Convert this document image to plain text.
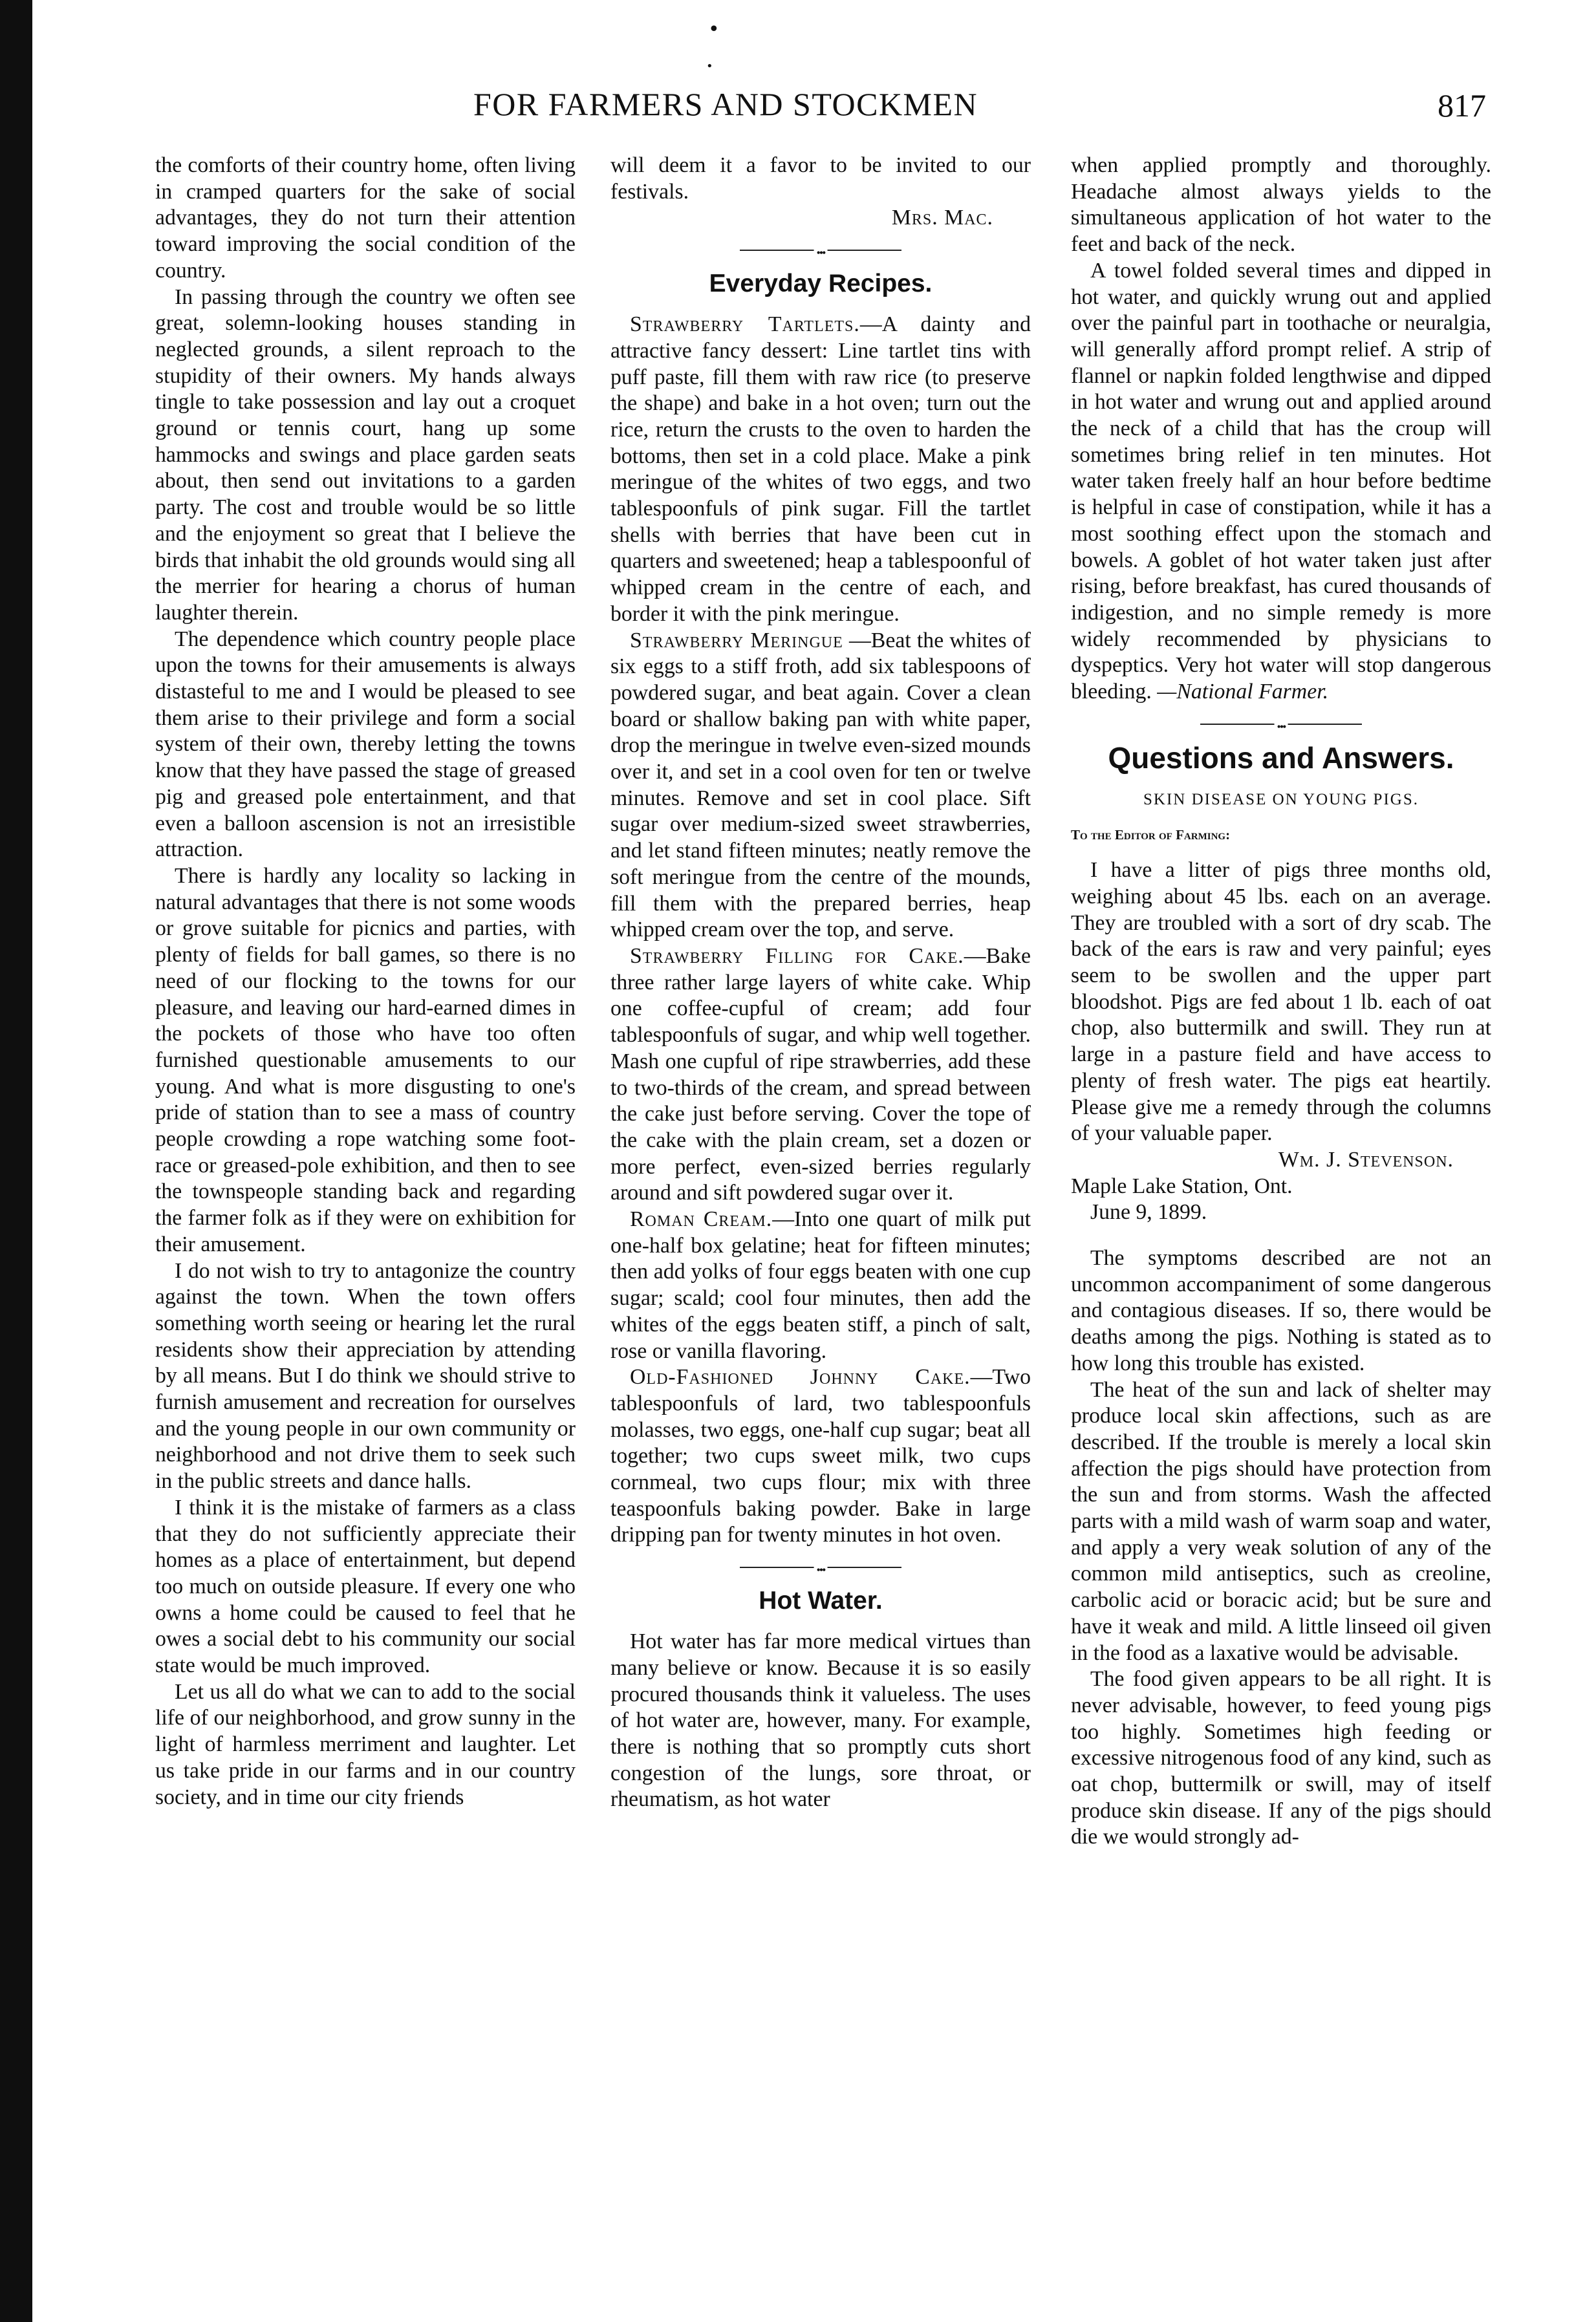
•
•
FOR FARMERS AND STOCKMEN	817

the comforts of their country home, often living in cramped quarters for the sake of social advantages, they do not turn their attention toward improving the social condition of the country.

In passing through the country we often see great, solemn-looking houses standing in neglected grounds, a silent reproach to the stupidity of their owners. My hands always tingle to take possession and lay out a croquet ground or tennis court, hang up some hammocks and swings and place garden seats about, then send out invitations to a garden party. The cost and trouble would be so little and the enjoyment so great that I believe the birds that inhabit the old grounds would sing all the merrier for hearing a chorus of human laughter therein.

The dependence which country people place upon the towns for their amusements is always distasteful to me and I would be pleased to see them arise to their privilege and form a social system of their own, thereby letting the towns know that they have passed the stage of greased pig and greased pole entertainment, and that even a balloon ascension is not an irresistible attraction.

There is hardly any locality so lacking in natural advantages that there is not some woods or grove suitable for picnics and parties, with plenty of fields for ball games, so there is no need of our flocking to the towns for our pleasure, and leaving our hard-earned dimes in the pockets of those who have too often furnished questionable amusements to our young. And what is more disgusting to one's pride of station than to see a mass of country people crowding a rope watching some foot-race or greased-pole exhibition, and then to see the townspeople standing back and regarding the farmer folk as if they were on exhibition for their amusement.

I do not wish to try to antagonize the country against the town. When the town offers something worth seeing or hearing let the rural residents show their appreciation by attending by all means. But I do think we should strive to furnish amusement and recreation for ourselves and the young people in our own community or neighborhood and not drive them to seek such in the public streets and dance halls.

I think it is the mistake of farmers as a class that they do not sufficiently appreciate their homes as a place of entertainment, but depend too much on outside pleasure. If every one who owns a home could be caused to feel that he owes a social debt to his community our social state would be much improved.

Let us all do what we can to add to the social life of our neighborhood, and grow sunny in the light of harmless merriment and laughter. Let us take pride in our farms and in our country society, and in time our city friends

will deem it a favor to be invited to our festivals.

Mrs. Mac.

•••
Everyday Recipes.

Strawberry Tartlets.—A dainty and attractive fancy dessert: Line tartlet tins with puff paste, fill them with raw rice (to preserve the shape) and bake in a hot oven; turn out the rice, return the crusts to the oven to harden the bottoms, then set in a cold place. Make a pink meringue of the whites of two eggs, and two tablespoonfuls of pink sugar. Fill the tartlet shells with berries that have been cut in quarters and sweetened; heap a tablespoonful of whipped cream in the centre of each, and border it with the pink meringue.

Strawberry Meringue —Beat the whites of six eggs to a stiff froth, add six tablespoons of powdered sugar, and beat again. Cover a clean board or shallow baking pan with white paper, drop the meringue in twelve even-sized mounds over it, and set in a cool oven for ten or twelve minutes. Remove and set in cool place. Sift sugar over medium-sized sweet strawberries, and let stand fifteen minutes; neatly remove the soft meringue from the centre of the mounds, fill them with the prepared berries, heap whipped cream over the top, and serve.

Strawberry Filling for Cake.—Bake three rather large layers of white cake. Whip one coffee-cupful of cream; add four tablespoonfuls of sugar, and whip well together. Mash one cupful of ripe strawberries, add these to two-thirds of the cream, and spread between the cake just before serving. Cover the tope of the cake with the plain cream, set a dozen or more perfect, even-sized berries regularly around and sift powdered sugar over it.

Roman Cream.—Into one quart of milk put one-half box gelatine; heat for fifteen minutes; then add yolks of four eggs beaten with one cup sugar; scald; cool four minutes, then add the whites of the eggs beaten stiff, a pinch of salt, rose or vanilla flavoring.

Old-Fashioned Johnny Cake.—Two tablespoonfuls of lard, two tablespoonfuls molasses, two eggs, one-half cup sugar; beat all together; two cups sweet milk, two cups cornmeal, two cups flour; mix with three teaspoonfuls baking powder. Bake in large dripping pan for twenty minutes in hot oven.

•••
Hot Water.

Hot water has far more medical virtues than many believe or know. Because it is so easily procured thousands think it valueless. The uses of hot water are, however, many. For example, there is nothing that so promptly cuts short congestion of the lungs, sore throat, or rheumatism, as hot water

when applied promptly and thoroughly. Headache almost always yields to the simultaneous application of hot water to the feet and back of the neck.

A towel folded several times and dipped in hot water, and quickly wrung out and applied over the painful part in toothache or neuralgia, will generally afford prompt relief. A strip of flannel or napkin folded lengthwise and dipped in hot water and wrung out and applied around the neck of a child that has the croup will sometimes bring relief in ten minutes. Hot water taken freely half an hour before bedtime is helpful in case of constipation, while it has a most soothing effect upon the stomach and bowels. A goblet of hot water taken just after rising, before breakfast, has cured thousands of indigestion, and no simple remedy is more widely recommended by physicians to dyspeptics. Very hot water will stop dangerous bleeding. —National Farmer.

•••
Questions and Answers.
SKIN DISEASE ON YOUNG PIGS.
To the Editor of Farming:

I have a litter of pigs three months old, weighing about 45 lbs. each on an average. They are troubled with a sort of dry scab. The back of the ears is raw and very painful; eyes seem to be swollen and the upper part bloodshot. Pigs are fed about 1 lb. each of oat chop, also buttermilk and swill. They run at large in a pasture field and have access to plenty of fresh water. The pigs eat heartily. Please give me a remedy through the columns of your valuable paper.

Wm. J. Stevenson.

Maple Lake Station, Ont.

June 9, 1899.

The symptoms described are not an uncommon accompaniment of some dangerous and contagious diseases. If so, there would be deaths among the pigs. Nothing is stated as to how long this trouble has existed.

The heat of the sun and lack of shelter may produce local skin affections, such as are described. If the trouble is merely a local skin affection the pigs should have protection from the sun and from storms. Wash the affected parts with a mild wash of warm soap and water, and apply a very weak solution of any of the common mild antiseptics, such as creoline, carbolic acid or boracic acid; but be sure and have it weak and mild. A little linseed oil given in the food as a laxative would be advisable.

The food given appears to be all right. It is never advisable, however, to feed young pigs too highly. Sometimes high feeding or excessive nitrogenous food of any kind, such as oat chop, buttermilk or swill, may of itself produce skin disease. If any of the pigs should die we would strongly ad-
